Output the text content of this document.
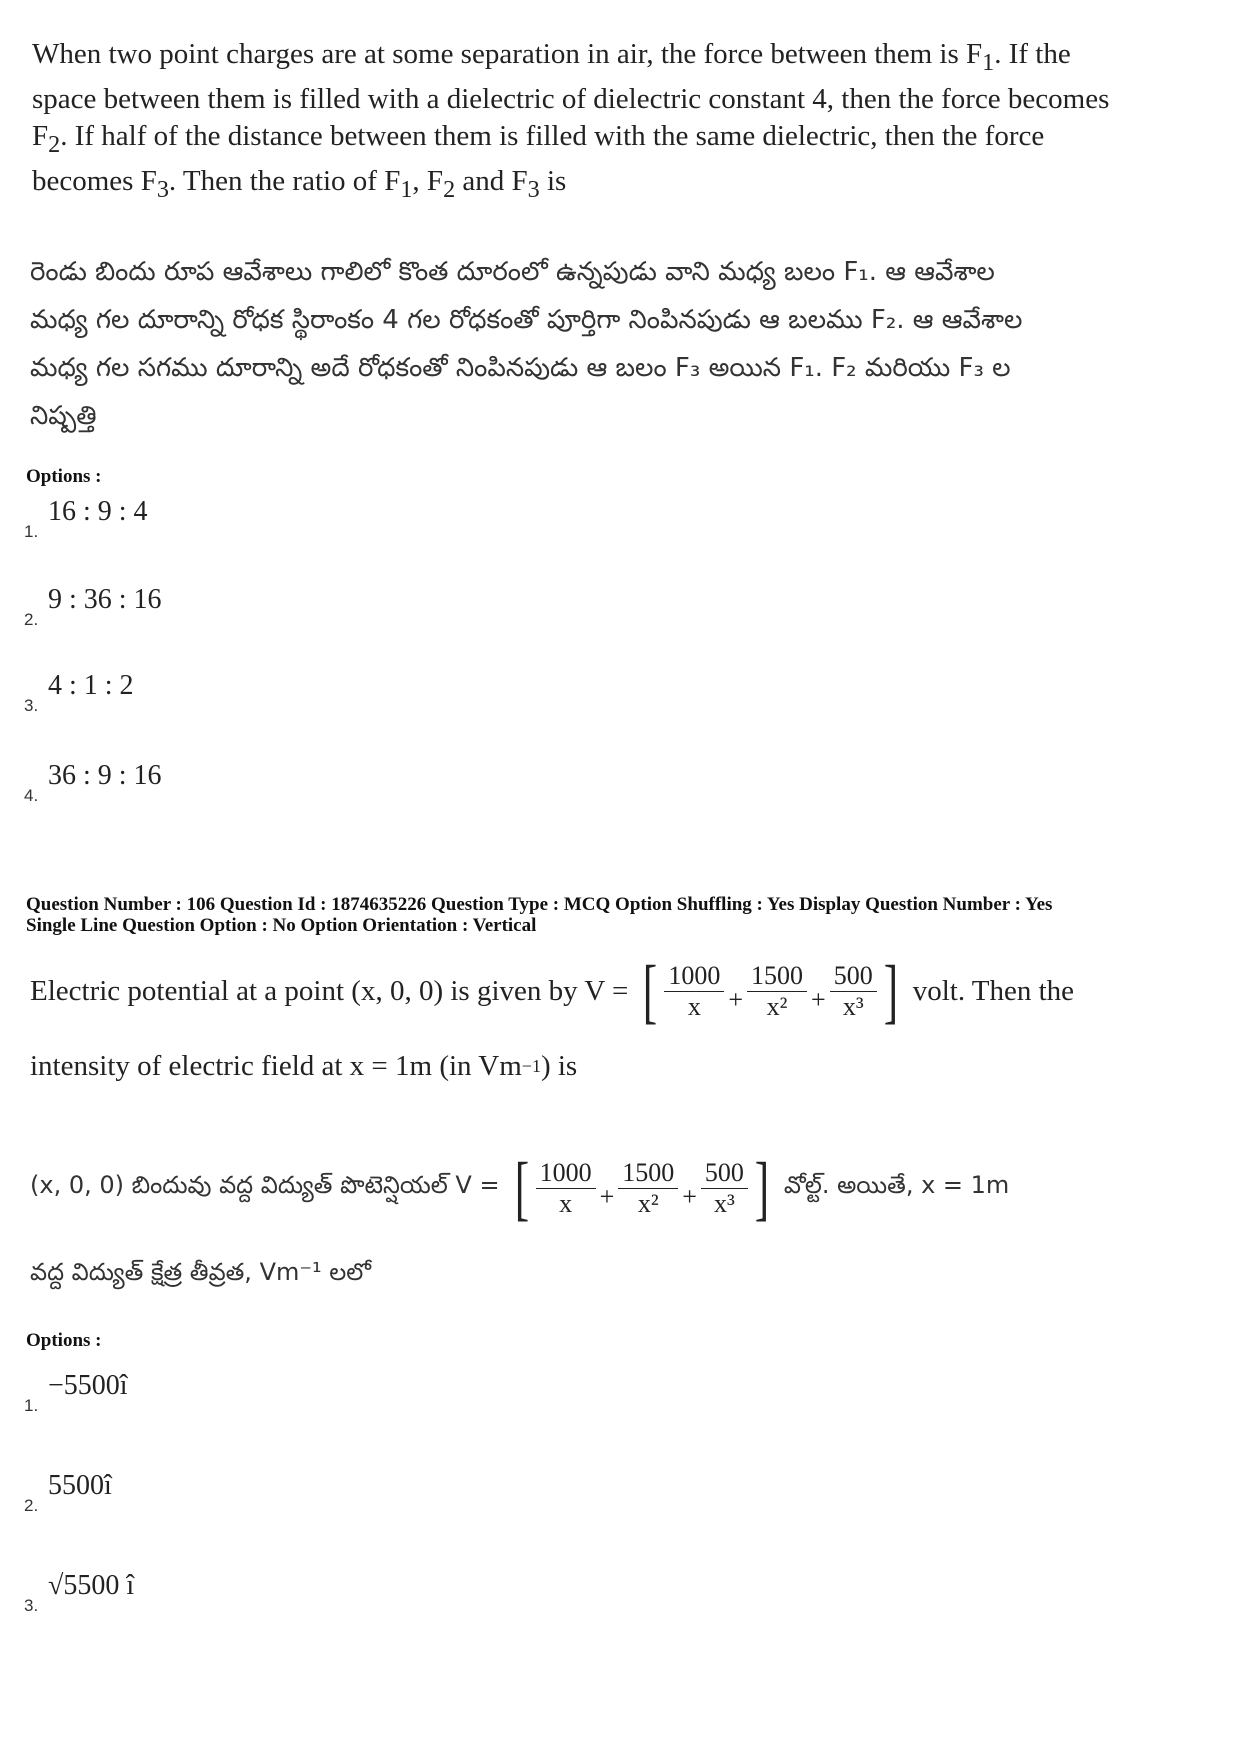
When two point charges are at some separation in air, the force between them is $F_1$. If the
space between them is filled with a dielectric of dielectric constant 4, then the force becomes
$F_2$. If half of the distance between them is filled with the same dielectric, then the force
becomes $F_3$. Then the ratio of $F_1$, $F_2$ and $F_3$ is
రెండు బిందు రూప ఆవేశాలు గాలిలో కొంత దూరంలో ఉన్నపుడు వాని మధ్య బలం F₁. ఆ ఆవేశాల
మధ్య గల దూరాన్ని రోధక స్థిరాంకం 4 గల రోధకంతో పూర్తిగా నింపినపుడు ఆ బలము F₂. ఆ ఆవేశాల
మధ్య గల సగము దూరాన్ని అదే రోధకంతో నింపినపుడు ఆ బలం F₃ అయిన F₁. F₂ మరియు F₃ ల
నిష్పత్తి
Options :
1.
16 : 9 : 4
2.
9 : 36 : 16
3.
4 : 1 : 2
4.
36 : 9 : 16
Question Number : 106 Question Id : 1874635226 Question Type : MCQ Option Shuffling : Yes Display Question Number : Yes
Single Line Question Option : No Option Orientation : Vertical
Electric potential at a point (x, 0, 0) is given by V = [ $\frac{1000}{x} + \frac{1500}{\text{x²}} + \frac{500}{\text{x³}}$ ] volt. Then the
intensity of electric field at x = 1m (in Vm −1 ) is
(x, 0, 0) బిందువు వద్ద విద్యుత్ పొటెన్షియల్ V = [ $\frac{1000}{x} + \frac{1500}{\text{x²}} + \frac{500}{\text{x³}}$ ] వోల్ట్. అయితే, x = 1m
వద్ద విద్యుత్ క్షేత్ర తీవ్రత, Vm⁻¹ లలో
Options :
1.
−5500î
2.
5500î
3.
√5500 î
